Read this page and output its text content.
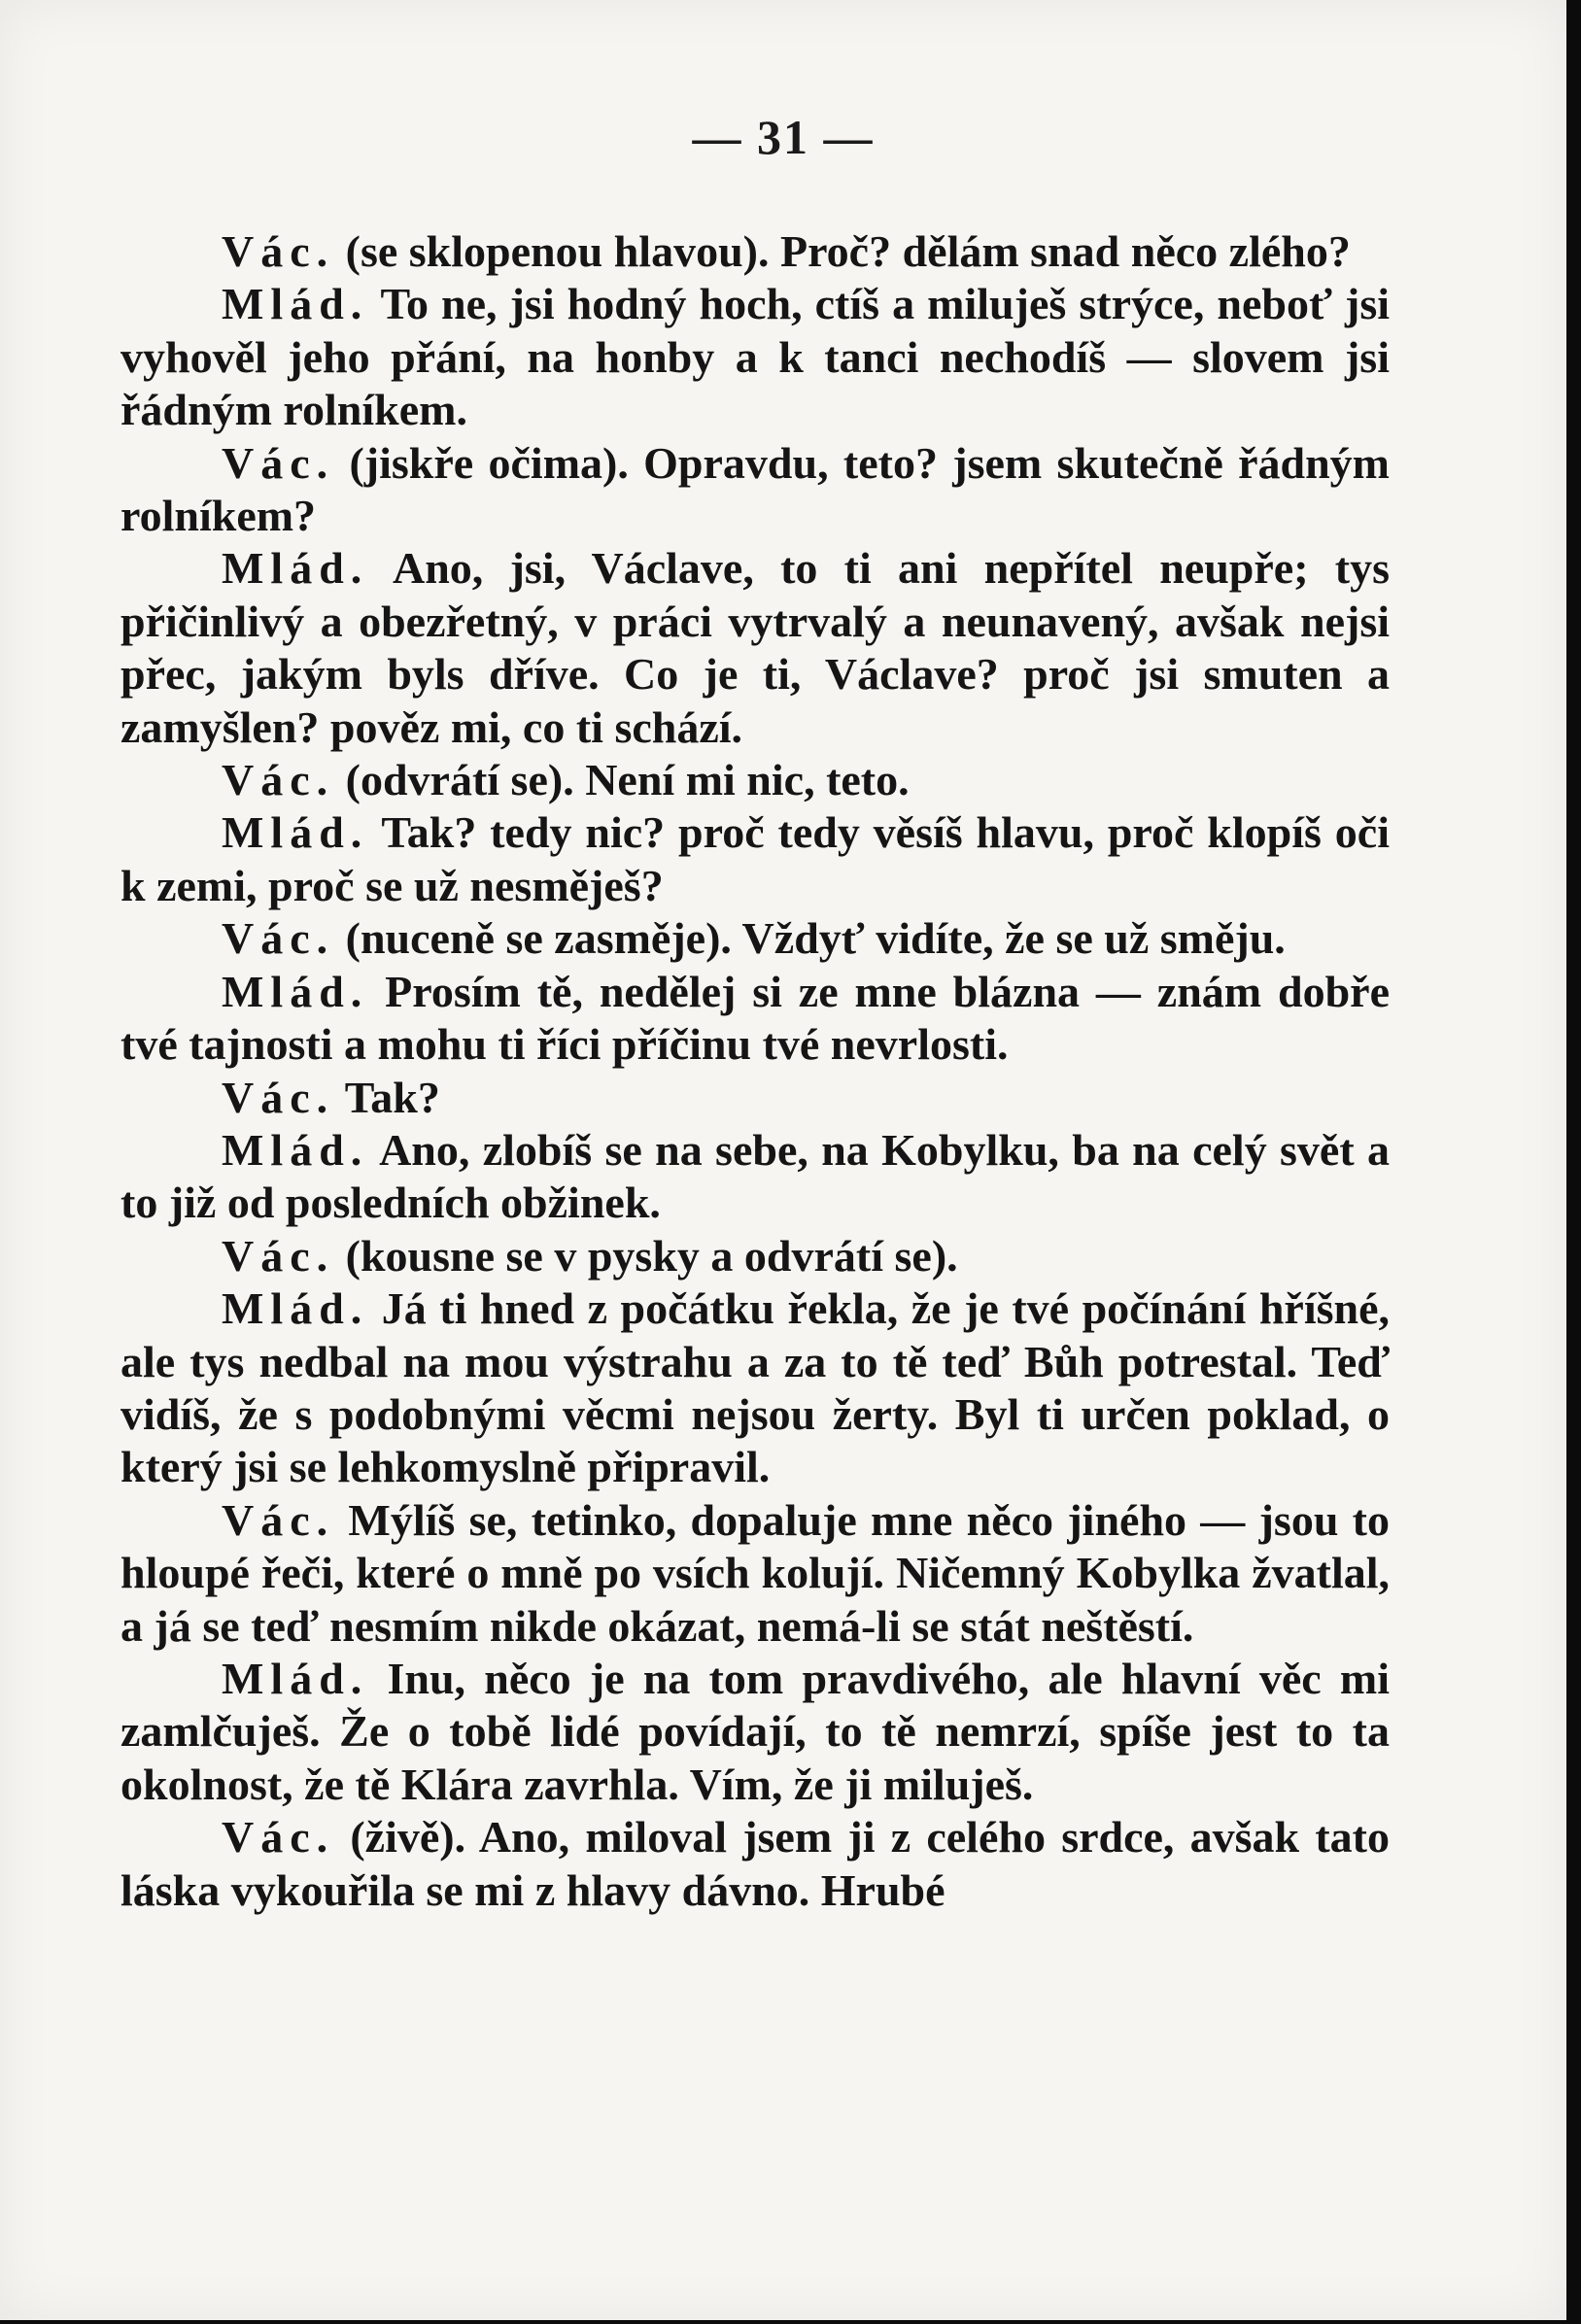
— 31 —

Vác. (se sklopenou hlavou). Proč? dělám snad něco zlého?

Mlád. To ne, jsi hodný hoch, ctíš a miluješ strýce, neboť jsi vyhověl jeho přání, na honby a k tanci nechodíš — slovem jsi řádným rolníkem.

Vác. (jiskře očima). Opravdu, teto? jsem skutečně řádným rolníkem?

Mlád. Ano, jsi, Václave, to ti ani nepřítel neupře; tys přičinlivý a obezřetný, v práci vytrvalý a neunavený, avšak nejsi přec, jakým byls dříve. Co je ti, Václave? proč jsi smuten a zamyšlen? pověz mi, co ti schází.

Vác. (odvrátí se). Není mi nic, teto.

Mlád. Tak? tedy nic? proč tedy věsíš hlavu, proč klopíš oči k zemi, proč se už nesměješ?

Vác. (nuceně se zasměje). Vždyť vidíte, že se už směju.

Mlád. Prosím tě, nedělej si ze mne blázna — znám dobře tvé tajnosti a mohu ti říci příčinu tvé nevrlosti.

Vác. Tak?

Mlád. Ano, zlobíš se na sebe, na Kobylku, ba na celý svět a to již od posledních obžinek.

Vác. (kousne se v pysky a odvrátí se).

Mlád. Já ti hned z počátku řekla, že je tvé počínání hříšné, ale tys nedbal na mou výstrahu a za to tě teď Bůh potrestal. Teď vidíš, že s podobnými věcmi nejsou žerty. Byl ti určen poklad, o který jsi se lehkomyslně připravil.

Vác. Mýlíš se, tetinko, dopaluje mne něco jiného — jsou to hloupé řeči, které o mně po vsích kolují. Ničemný Kobylka žvatlal, a já se teď nesmím nikde okázat, nemá-li se stát neštěstí.

Mlád. Inu, něco je na tom pravdivého, ale hlavní věc mi zamlčuješ. Že o tobě lidé povídají, to tě nemrzí, spíše jest to ta okolnost, že tě Klára zavrhla. Vím, že ji miluješ.

Vác. (živě). Ano, miloval jsem ji z celého srdce, avšak tato láska vykouřila se mi z hlavy dávno. Hrubé
